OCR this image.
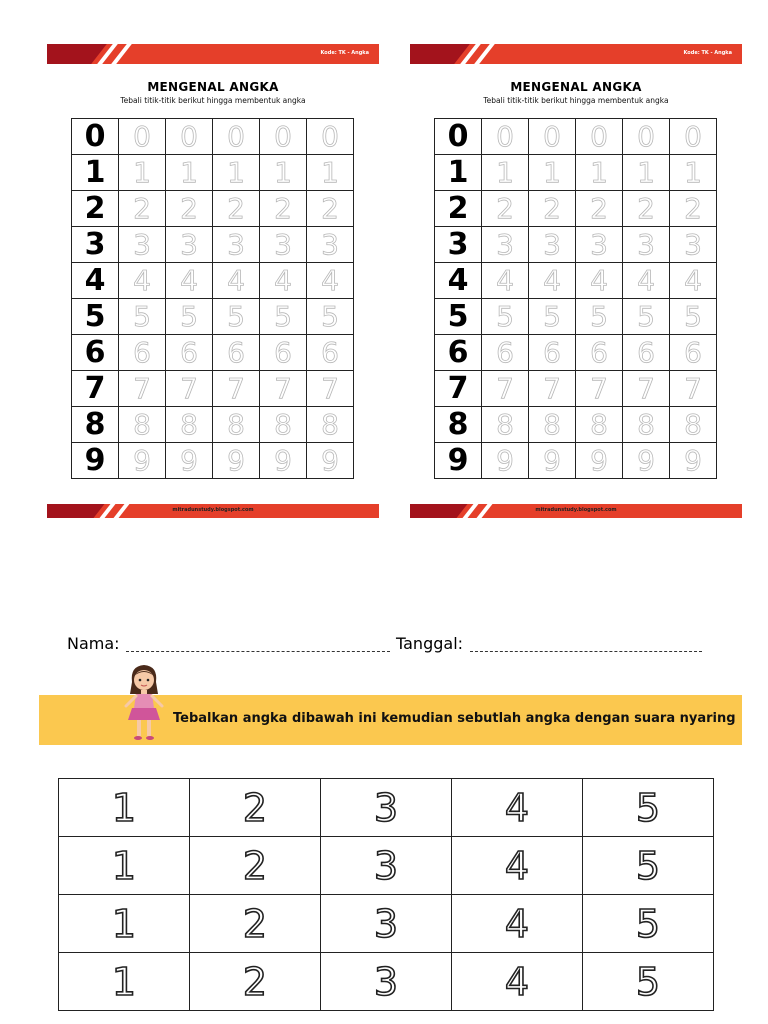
Kode: TK - Angka
MENGENAL ANGKA
Tebali titik-titik berikut hingga membentuk angka
0	0	0	0	0	0
1	1	1	1	1	1
2	2	2	2	2	2
3	3	3	3	3	3
4	4	4	4	4	4
5	5	5	5	5	5
6	6	6	6	6	6
7	7	7	7	7	7
8	8	8	8	8	8
9	9	9	9	9	9
mitradunstudy.blogspot.com
Kode: TK - Angka
MENGENAL ANGKA
Tebali titik-titik berikut hingga membentuk angka
0	0	0	0	0	0
1	1	1	1	1	1
2	2	2	2	2	2
3	3	3	3	3	3
4	4	4	4	4	4
5	5	5	5	5	5
6	6	6	6	6	6
7	7	7	7	7	7
8	8	8	8	8	8
9	9	9	9	9	9
mitradunstudy.blogspot.com
Nama:	Tanggal:
Tebalkan angka dibawah ini kemudian sebutlah angka dengan suara nyaring
1	2	3	4	5
1	2	3	4	5
1	2	3	4	5
1	2	3	4	5
